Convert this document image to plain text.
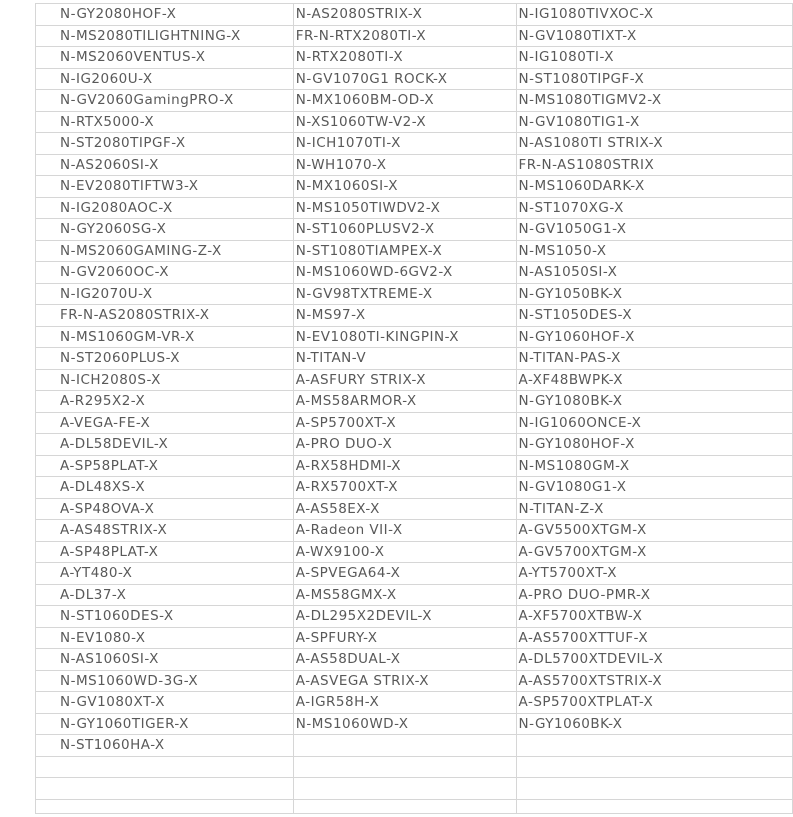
N-GY2080HOF-X	N-AS2080STRIX-X	N-IG1080TIVXOC-X
N-MS2080TILIGHTNING-X	FR-N-RTX2080TI-X	N-GV1080TIXT-X
N-MS2060VENTUS-X	N-RTX2080TI-X	N-IG1080TI-X
N-IG2060U-X	N-GV1070G1 ROCK-X	N-ST1080TIPGF-X
N-GV2060GamingPRO-X	N-MX1060BM-OD-X	N-MS1080TIGMV2-X
N-RTX5000-X	N-XS1060TW-V2-X	N-GV1080TIG1-X
N-ST2080TIPGF-X	N-ICH1070TI-X	N-AS1080TI STRIX-X
N-AS2060SI-X	N-WH1070-X	FR-N-AS1080STRIX
N-EV2080TIFTW3-X	N-MX1060SI-X	N-MS1060DARK-X
N-IG2080AOC-X	N-MS1050TIWDV2-X	N-ST1070XG-X
N-GY2060SG-X	N-ST1060PLUSV2-X	N-GV1050G1-X
N-MS2060GAMING-Z-X	N-ST1080TIAMPEX-X	N-MS1050-X
N-GV2060OC-X	N-MS1060WD-6GV2-X	N-AS1050SI-X
N-IG2070U-X	N-GV98TXTREME-X	N-GY1050BK-X
FR-N-AS2080STRIX-X	N-MS97-X	N-ST1050DES-X
N-MS1060GM-VR-X	N-EV1080TI-KINGPIN-X	N-GY1060HOF-X
N-ST2060PLUS-X	N-TITAN-V	N-TITAN-PAS-X
N-ICH2080S-X	A-ASFURY STRIX-X	A-XF48BWPK-X
A-R295X2-X	A-MS58ARMOR-X	N-GY1080BK-X
A-VEGA-FE-X	A-SP5700XT-X	N-IG1060ONCE-X
A-DL58DEVIL-X	A-PRO DUO-X	N-GY1080HOF-X
A-SP58PLAT-X	A-RX58HDMI-X	N-MS1080GM-X
A-DL48XS-X	A-RX5700XT-X	N-GV1080G1-X
A-SP48OVA-X	A-AS58EX-X	N-TITAN-Z-X
A-AS48STRIX-X	A-Radeon VII-X	A-GV5500XTGM-X
A-SP48PLAT-X	A-WX9100-X	A-GV5700XTGM-X
A-YT480-X	A-SPVEGA64-X	A-YT5700XT-X
A-DL37-X	A-MS58GMX-X	A-PRO DUO-PMR-X
N-ST1060DES-X	A-DL295X2DEVIL-X	A-XF5700XTBW-X
N-EV1080-X	A-SPFURY-X	A-AS5700XTTUF-X
N-AS1060SI-X	A-AS58DUAL-X	A-DL5700XTDEVIL-X
N-MS1060WD-3G-X	A-ASVEGA STRIX-X	A-AS5700XTSTRIX-X
N-GV1080XT-X	A-IGR58H-X	A-SP5700XTPLAT-X
N-GY1060TIGER-X	N-MS1060WD-X	N-GY1060BK-X
N-ST1060HA-X		
